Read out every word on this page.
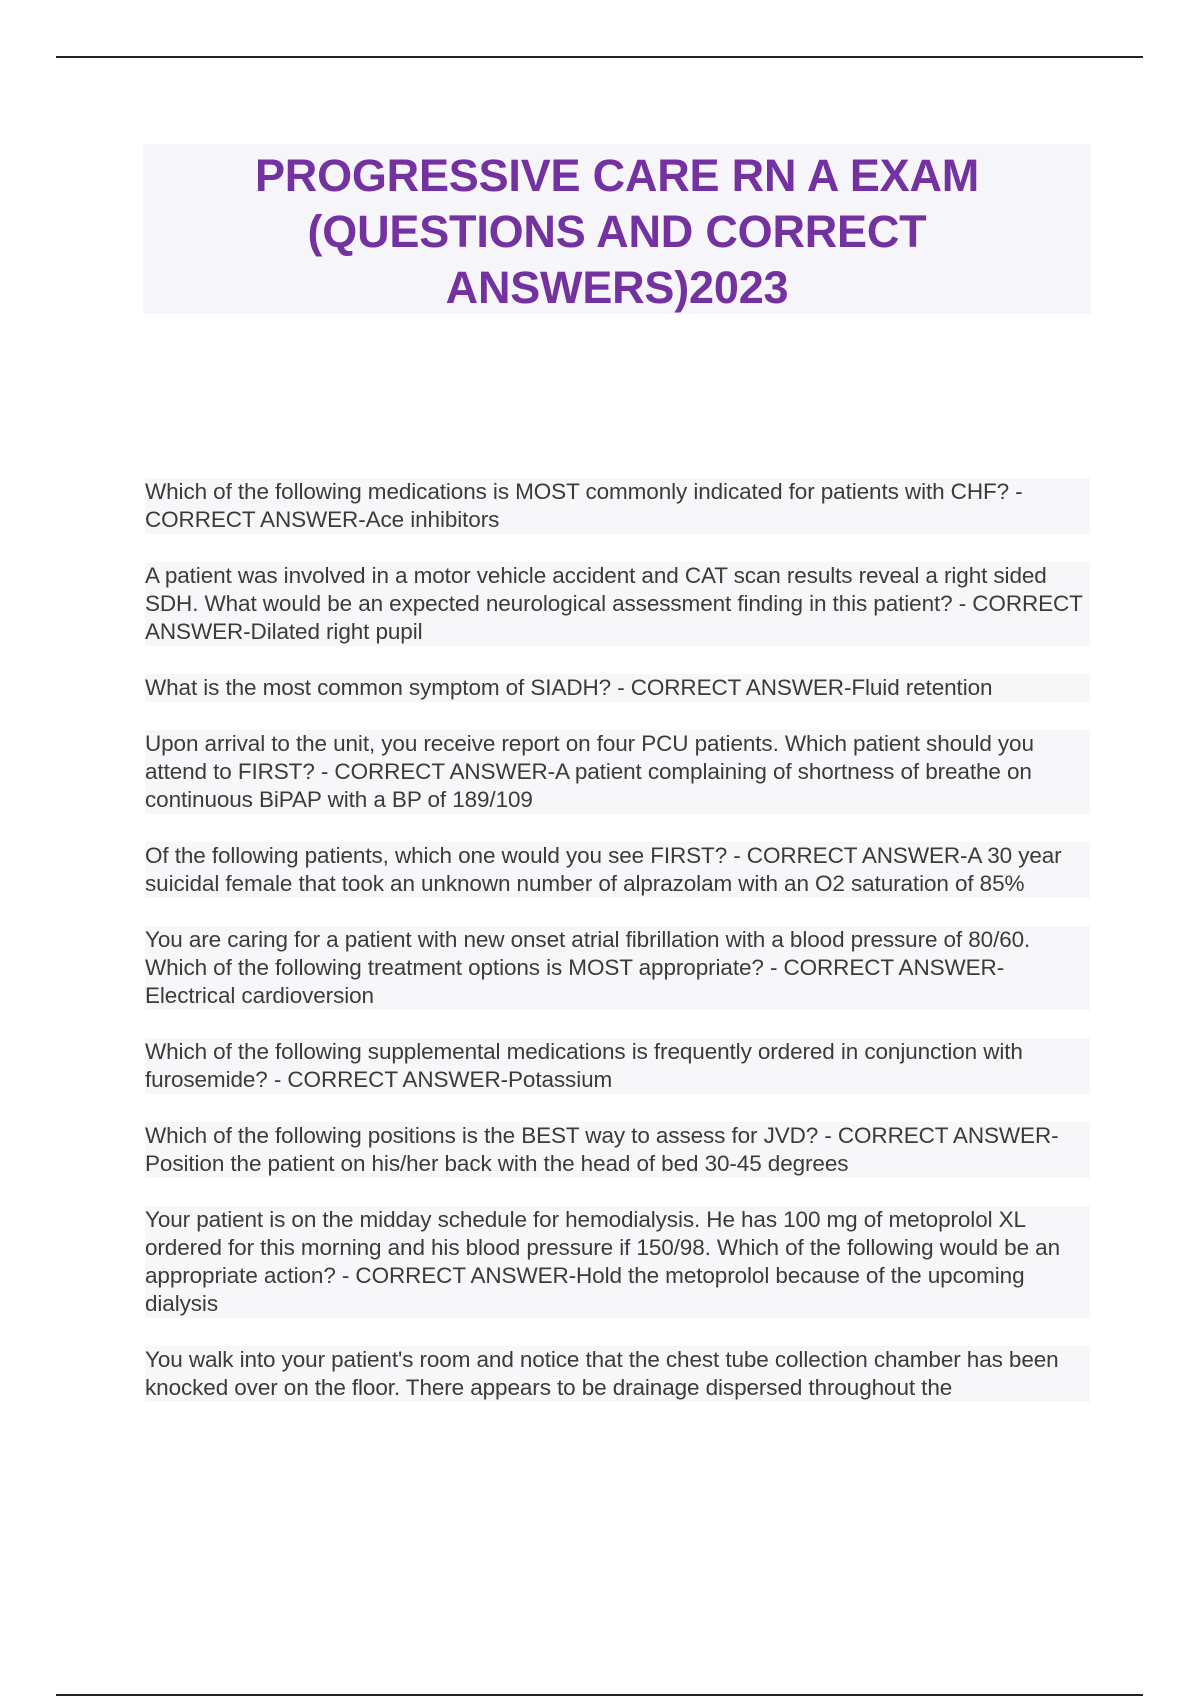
PROGRESSIVE CARE RN A EXAM (QUESTIONS AND CORRECT ANSWERS)2023
Which of the following medications is MOST commonly indicated for patients with CHF? - CORRECT ANSWER-Ace inhibitors
A patient was involved in a motor vehicle accident and CAT scan results reveal a right sided SDH. What would be an expected neurological assessment finding in this patient? - CORRECT ANSWER-Dilated right pupil
What is the most common symptom of SIADH? - CORRECT ANSWER-Fluid retention
Upon arrival to the unit, you receive report on four PCU patients. Which patient should you attend to FIRST? - CORRECT ANSWER-A patient complaining of shortness of breathe on continuous BiPAP with a BP of 189/109
Of the following patients, which one would you see FIRST? - CORRECT ANSWER-A 30 year suicidal female that took an unknown number of alprazolam with an O2 saturation of 85%
You are caring for a patient with new onset atrial fibrillation with a blood pressure of 80/60. Which of the following treatment options is MOST appropriate? - CORRECT ANSWER-Electrical cardioversion
Which of the following supplemental medications is frequently ordered in conjunction with furosemide? - CORRECT ANSWER-Potassium
Which of the following positions is the BEST way to assess for JVD? - CORRECT ANSWER-Position the patient on his/her back with the head of bed 30-45 degrees
Your patient is on the midday schedule for hemodialysis. He has 100 mg of metoprolol XL ordered for this morning and his blood pressure if 150/98. Which of the following would be an appropriate action? - CORRECT ANSWER-Hold the metoprolol because of the upcoming dialysis
You walk into your patient's room and notice that the chest tube collection chamber has been knocked over on the floor. There appears to be drainage dispersed throughout the
